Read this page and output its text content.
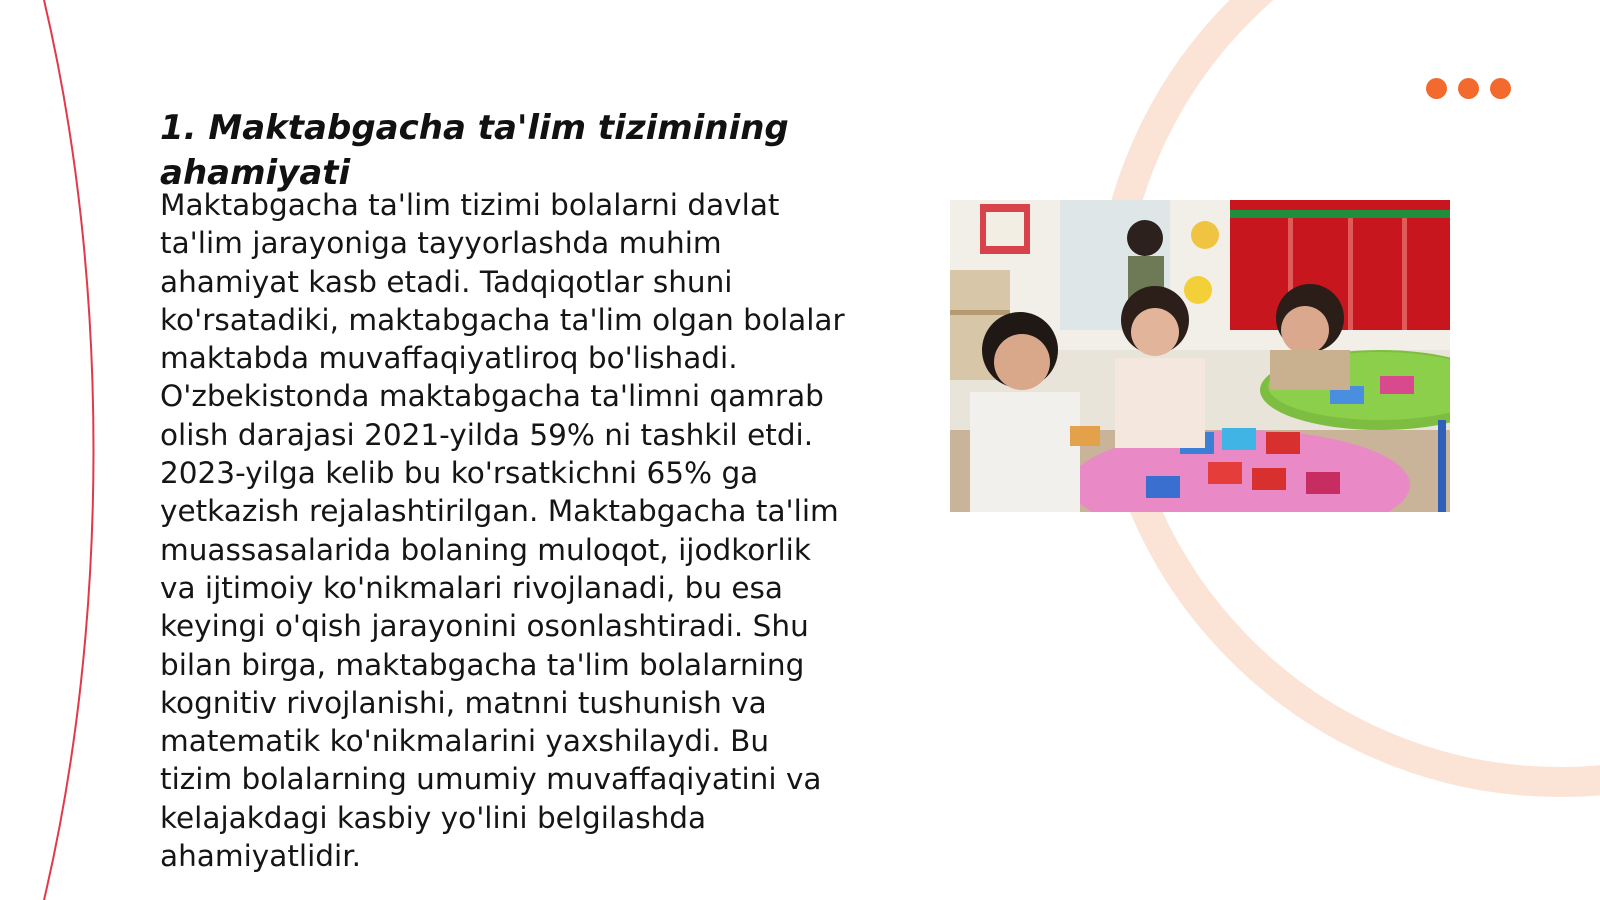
1. Maktabgacha ta'lim tizimining ahamiyati

Maktabgacha ta'lim tizimi bolalarni davlat ta'lim jarayoniga tayyorlashda muhim ahamiyat kasb etadi. Tadqiqotlar shuni ko'rsatadiki, maktabgacha ta'lim olgan bolalar maktabda muvaffaqiyatliroq bo'lishadi. O'zbekistonda maktabgacha ta'limni qamrab olish darajasi 2021-yilda 59% ni tashkil etdi. 2023-yilga kelib bu ko'rsatkichni 65% ga yetkazish rejalashtirilgan. Maktabgacha ta'lim muassasalarida bolaning muloqot, ijodkorlik va ijtimoiy ko'nikmalari rivojlanadi, bu esa keyingi o'qish jarayonini osonlashtiradi. Shu bilan birga, maktabgacha ta'lim bolalarning kognitiv rivojlanishi, matnni tushunish va matematik ko'nikmalarini yaxshilaydi. Bu tizim bolalarning umumiy muvaffaqiyatini va kelajakdagi kasbiy yo'lini belgilashda ahamiyatlidir.
